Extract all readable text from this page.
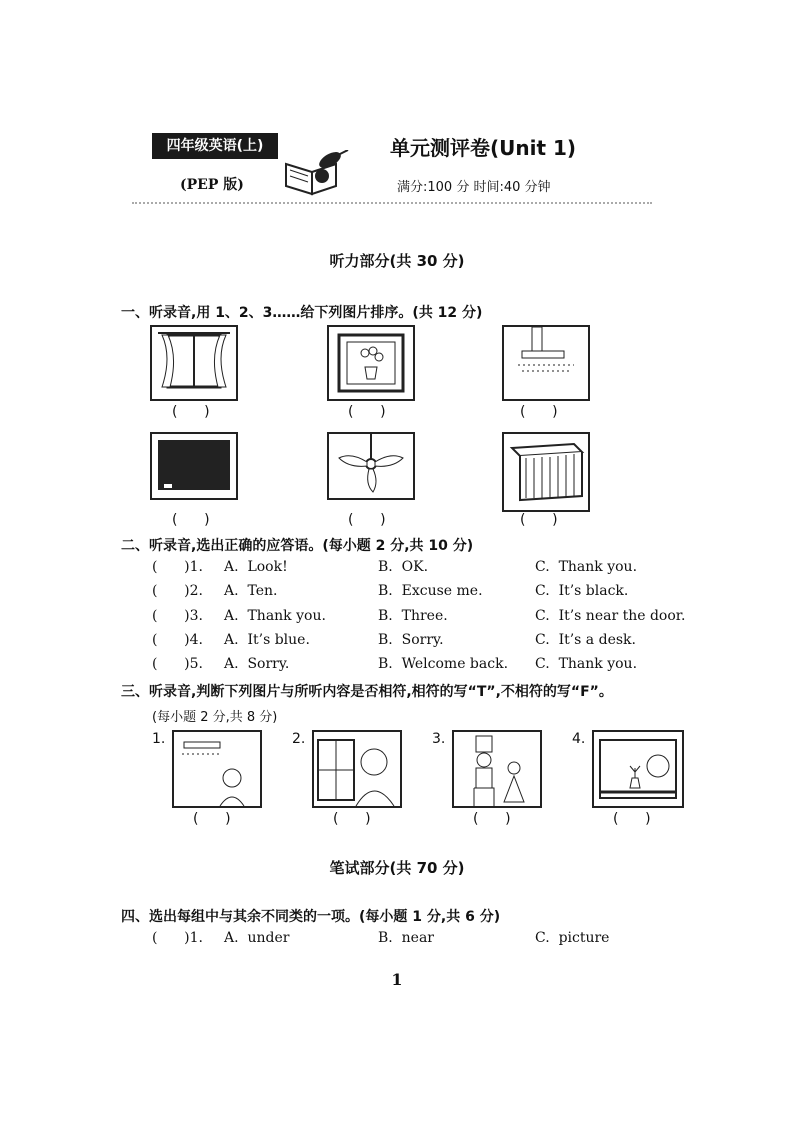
四年级英语(上)
(PEP 版)
单元测评卷(Unit 1)
满分:100 分 时间:40 分钟
听力部分(共 30 分)
一、听录音,用 1、2、3……给下列图片排序。(共 12 分)
(      )	(      )	(      )
(      )	(      )	(      )
二、听录音,选出正确的应答语。(每小题 2 分,共 10 分)
(      )1. A.  Look!	B.  OK.	C.  Thank you.
(      )2. A.  Ten.	B.  Excuse me.	C.  It’s black.
(      )3. A.  Thank you.	B.  Three.	C.  It’s near the door.
(      )4. A.  It’s blue.	B.  Sorry.	C.  It’s a desk.
(      )5. A.  Sorry.	B.  Welcome back. C.  Thank you.
三、听录音,判断下列图片与所听内容是否相符,相符的写“T”,不相符的写“F”。
(每小题 2 分,共 8 分)
1.
(      )
2.
(      )
3.
(      )
4.
(      )
笔试部分(共 70 分)
四、选出每组中与其余不同类的一项。(每小题 1 分,共 6 分)
(      )1. A.  under	B.  near	C.  picture
1
